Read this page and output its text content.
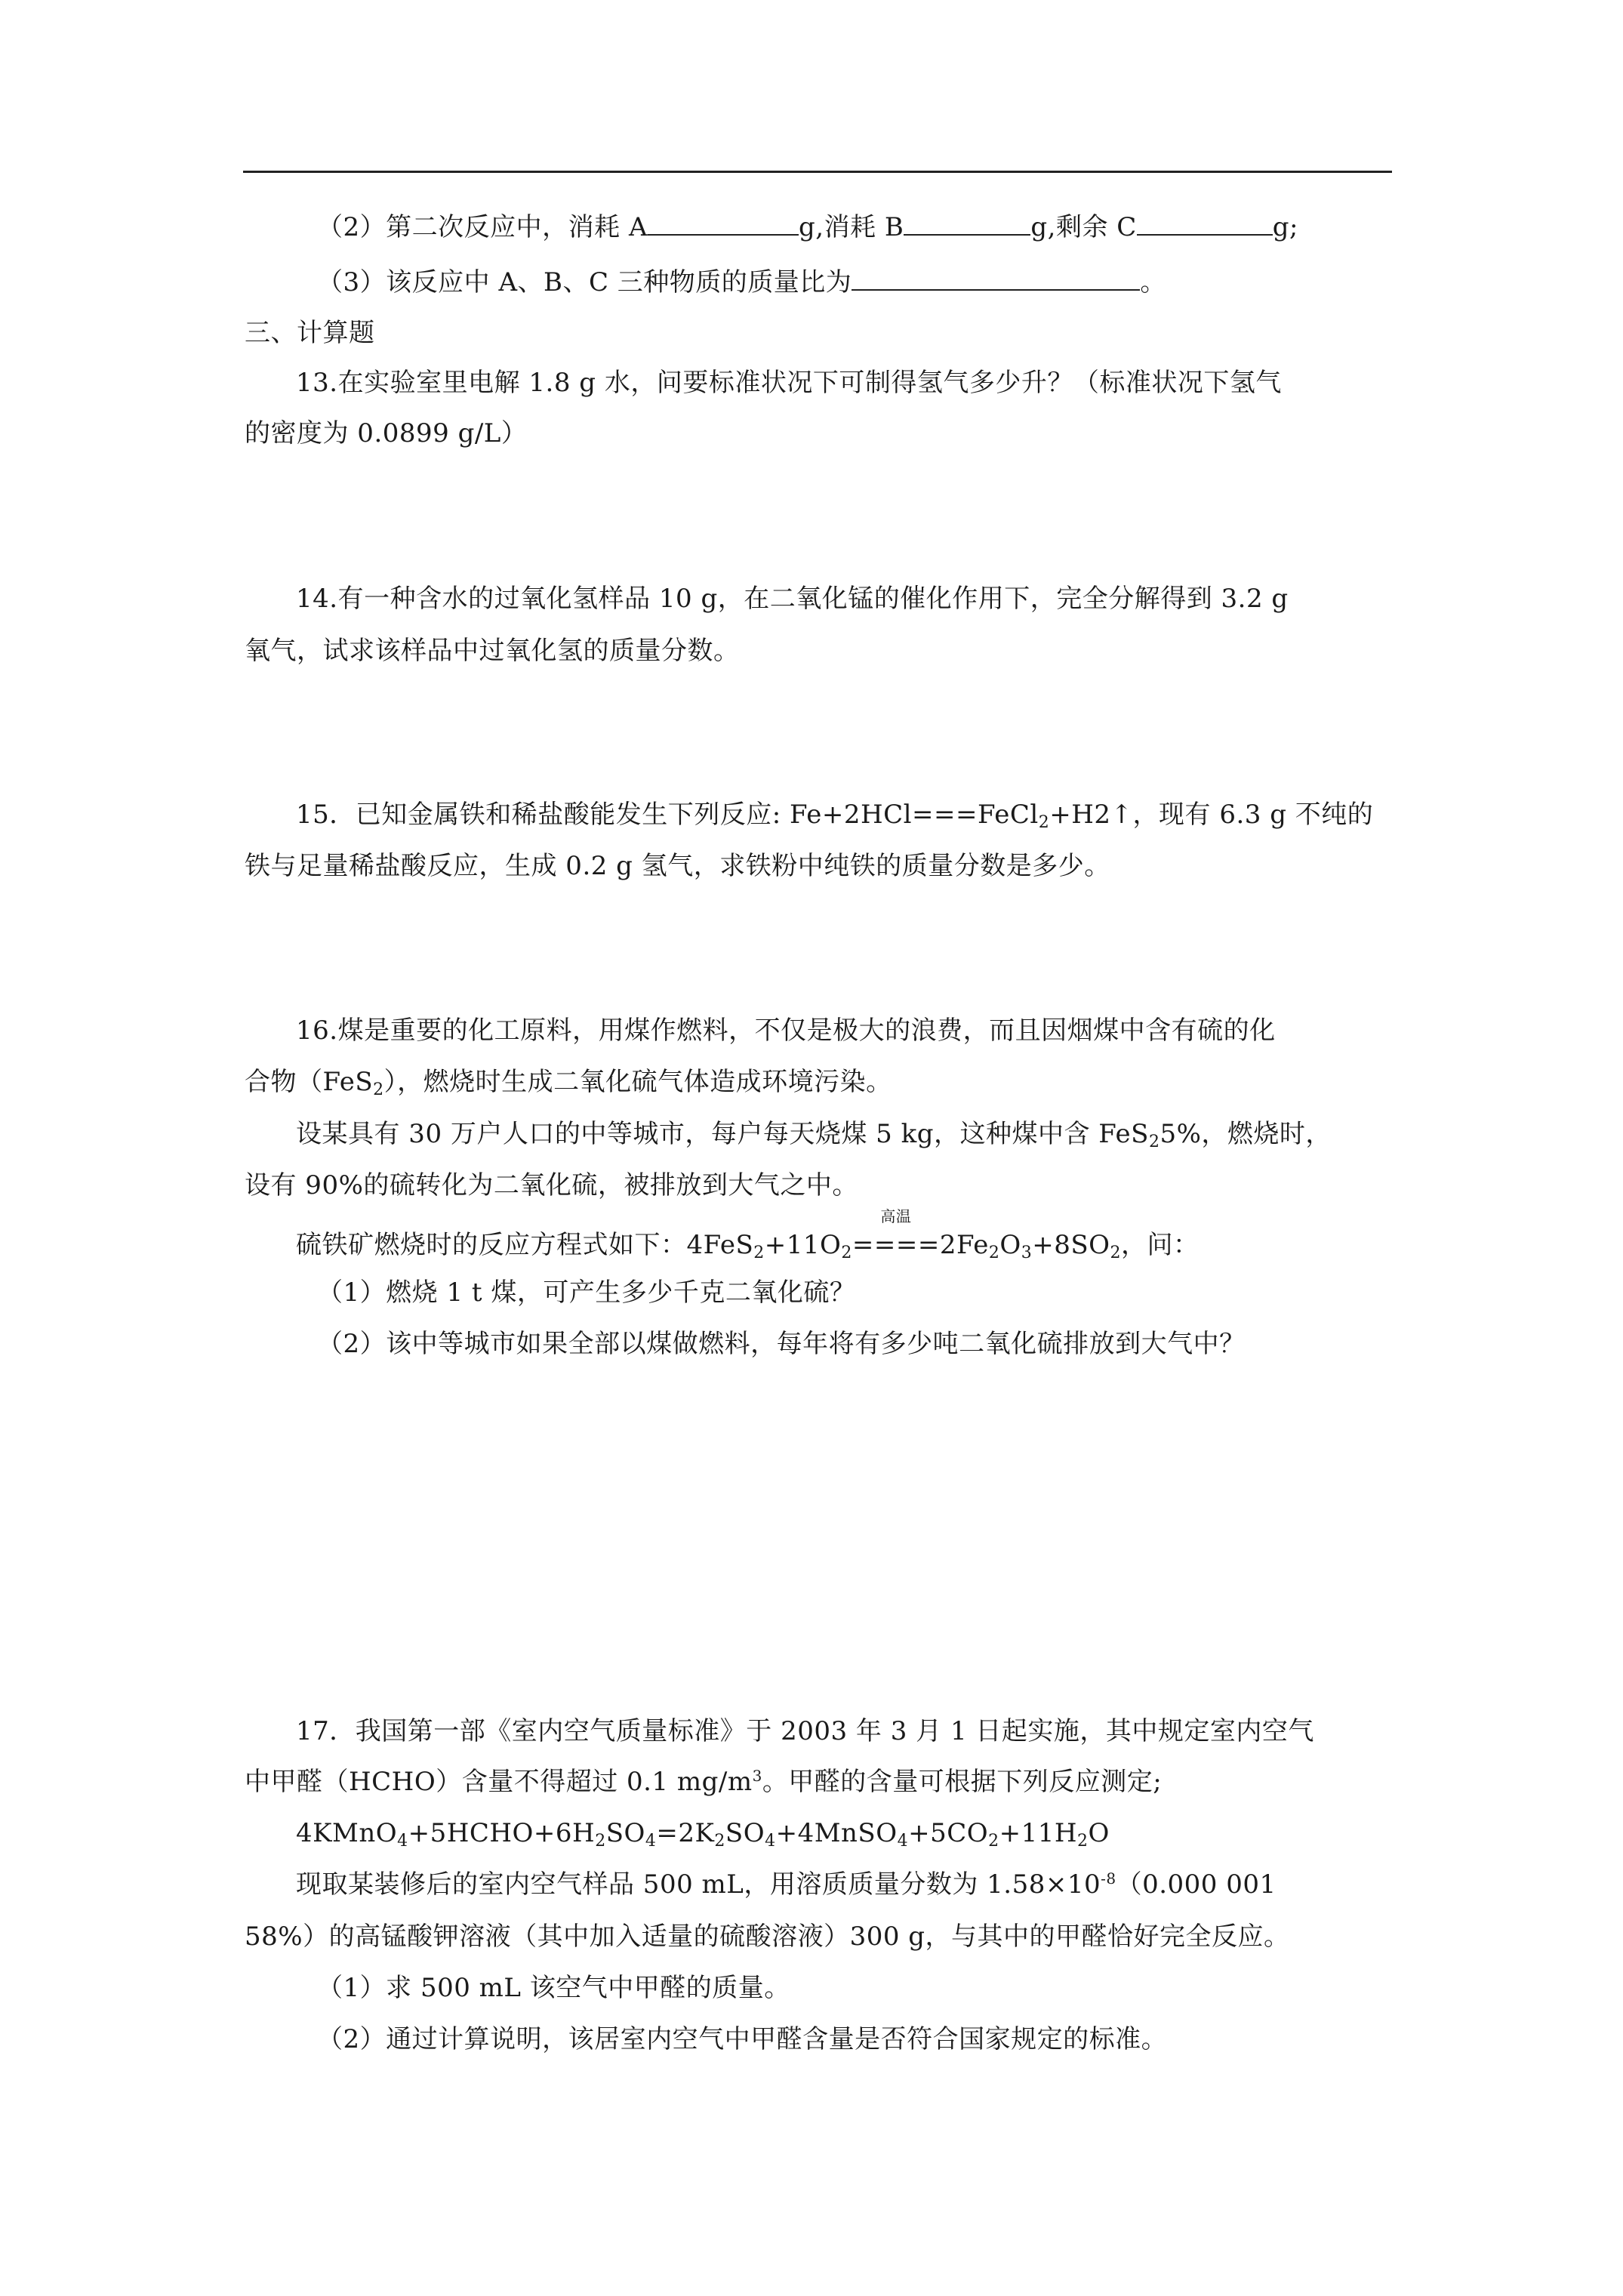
（2）第二次反应中，消耗 A	g,消耗 B	g,剩余 C	g;
（3）该反应中 A、B、C 三种物质的质量比为	。
三、计算题
13.在实验室里电解 1.8 g 水，问要标准状况下可制得氢气多少升？（标准状况下氢气
的密度为 0.0899 g/L）
14.有一种含水的过氧化氢样品 10 g，在二氧化锰的催化作用下，完全分解得到 3.2 g
氧气，试求该样品中过氧化氢的质量分数。
15．已知金属铁和稀盐酸能发生下列反应: Fe+2HCl===FeCl$_2$+H2↑，现有 6.3 g 不纯的
铁与足量稀盐酸反应，生成 0.2 g 氢气，求铁粉中纯铁的质量分数是多少。
16.煤是重要的化工原料，用煤作燃料，不仅是极大的浪费，而且因烟煤中含有硫的化
合物（FeS$_2$），燃烧时生成二氧化硫气体造成环境污染。
设某具有 30 万户人口的中等城市，每户每天烧煤 5 kg，这种煤中含 FeS$_2$5%，燃烧时，
设有 90%的硫转化为二氧化硫，被排放到大气之中。
硫铁矿燃烧时的反应方程式如下：$4FeS_2+11O_2$
高温
$====2Fe_2O_3+8SO_2$，问：
（1）燃烧 1 t 煤，可产生多少千克二氧化硫？
（2）该中等城市如果全部以煤做燃料，每年将有多少吨二氧化硫排放到大气中？
17．我国第一部《室内空气质量标准》于 2003 年 3 月 1 日起实施，其中规定室内空气
中甲醛（HCHO）含量不得超过 0.1 $mg/m^3$。甲醛的含量可根据下列反应测定;
$4KMnO_4+5HCHO+6H_2SO_4=2K_2SO_4+4MnSO_4+5CO_2+11H_2O$
现取某装修后的室内空气样品 500 mL，用溶质质量分数为 $1.58\times 10^{-8}(0.000$ 001
58%）的高锰酸钾溶液（其中加入适量的硫酸溶液）300 g，与其中的甲醛恰好完全反应。
（1）求 500 mL 该空气中甲醛的质量。
（2）通过计算说明，该居室内空气中甲醛含量是否符合国家规定的标准。
